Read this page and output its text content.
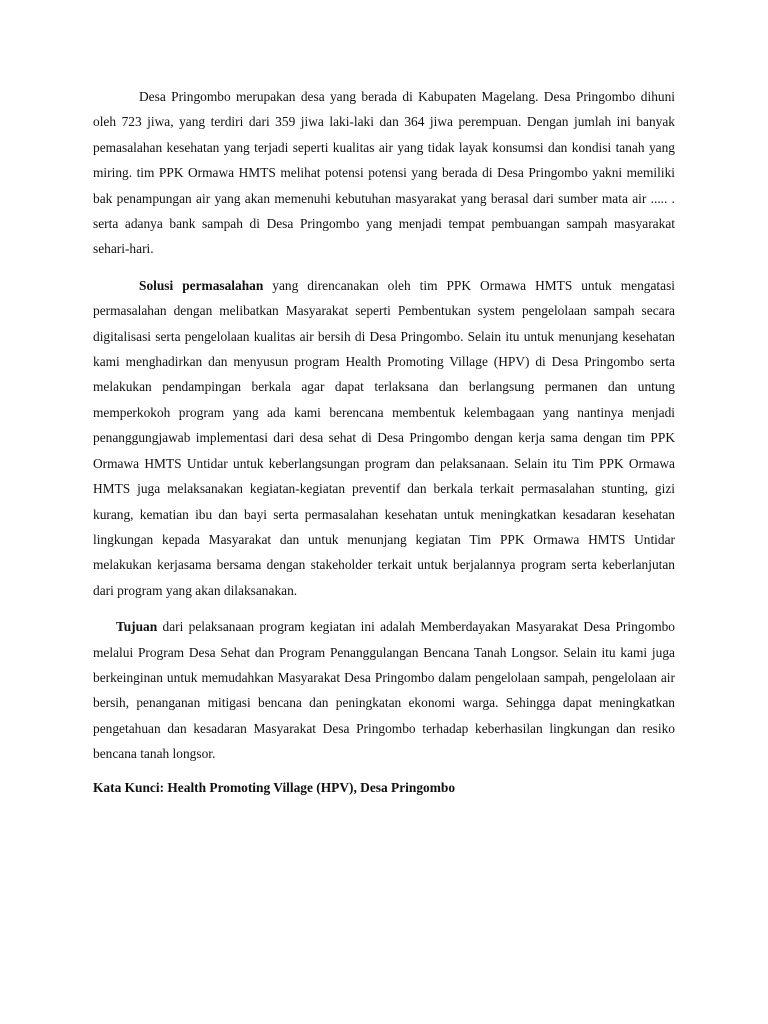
Desa Pringombo merupakan desa yang berada di Kabupaten Magelang. Desa Pringombo dihuni oleh 723 jiwa, yang terdiri dari 359 jiwa laki-laki dan 364 jiwa perempuan. Dengan jumlah ini banyak pemasalahan kesehatan yang terjadi seperti kualitas air yang tidak layak konsumsi dan kondisi tanah yang miring. tim PPK Ormawa HMTS melihat potensi potensi yang berada di Desa Pringombo yakni memiliki bak penampungan air yang akan memenuhi kebutuhan masyarakat yang berasal dari sumber mata air ..... . serta adanya bank sampah di Desa Pringombo yang menjadi tempat pembuangan sampah masyarakat sehari-hari.

Solusi permasalahan yang direncanakan oleh tim PPK Ormawa HMTS untuk mengatasi permasalahan dengan melibatkan Masyarakat seperti Pembentukan system pengelolaan sampah secara digitalisasi serta pengelolaan kualitas air bersih di Desa Pringombo. Selain itu untuk menunjang kesehatan kami menghadirkan dan menyusun program Health Promoting Village (HPV) di Desa Pringombo serta melakukan pendampingan berkala agar dapat terlaksana dan berlangsung permanen dan untung memperkokoh program yang ada kami berencana membentuk kelembagaan yang nantinya menjadi penanggungjawab implementasi dari desa sehat di Desa Pringombo dengan kerja sama dengan tim PPK Ormawa HMTS Untidar untuk keberlangsungan program dan pelaksanaan. Selain itu Tim PPK Ormawa HMTS juga melaksanakan kegiatan-kegiatan preventif dan berkala terkait permasalahan stunting, gizi kurang, kematian ibu dan bayi serta permasalahan kesehatan untuk meningkatkan kesadaran kesehatan lingkungan kepada Masyarakat dan untuk menunjang kegiatan Tim PPK Ormawa HMTS Untidar melakukan kerjasama bersama dengan stakeholder terkait untuk berjalannya program serta keberlanjutan dari program yang akan dilaksanakan.

Tujuan dari pelaksanaan program kegiatan ini adalah Memberdayakan Masyarakat Desa Pringombo melalui Program Desa Sehat dan Program Penanggulangan Bencana Tanah Longsor. Selain itu kami juga berkeinginan untuk memudahkan Masyarakat Desa Pringombo dalam pengelolaan sampah, pengelolaan air bersih, penanganan mitigasi bencana dan peningkatan ekonomi warga. Sehingga dapat meningkatkan pengetahuan dan kesadaran Masyarakat Desa Pringombo terhadap keberhasilan lingkungan dan resiko bencana tanah longsor.

Kata Kunci: Health Promoting Village (HPV), Desa Pringombo
